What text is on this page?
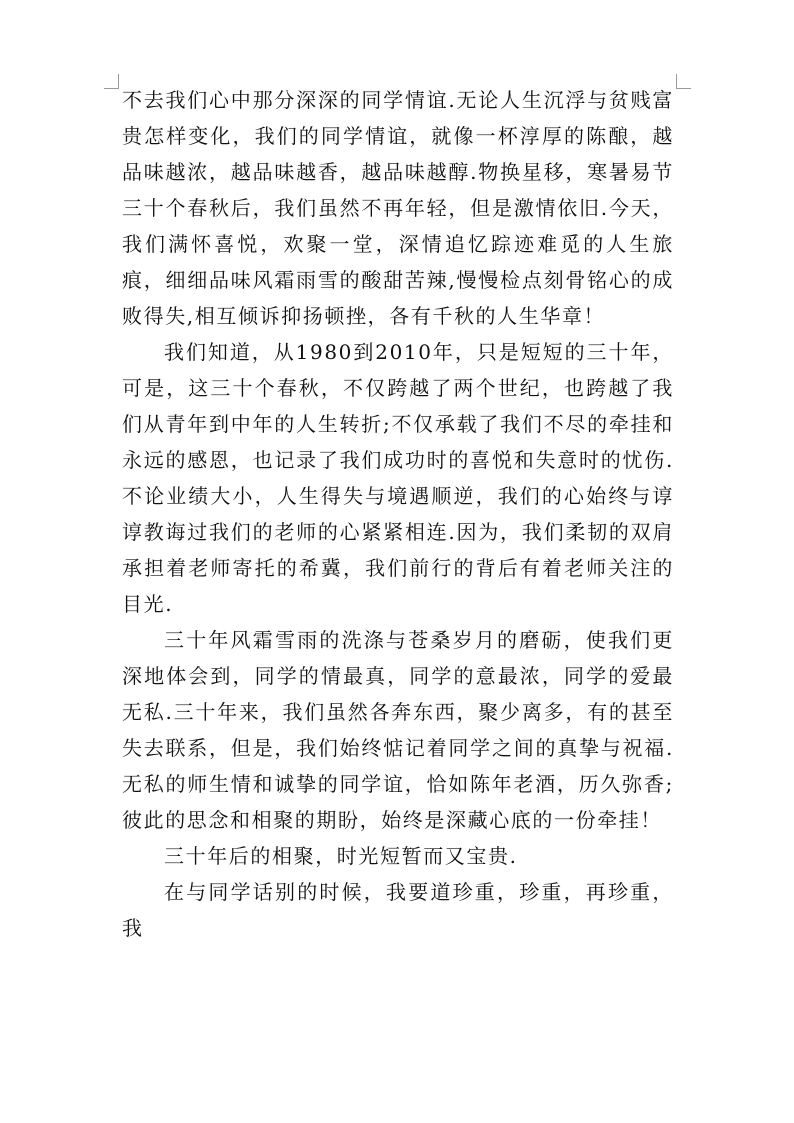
不去我们心中那分深深的同学情谊.无论人生沉浮与贫贱富贵怎样变化，我们的同学情谊，就像一杯淳厚的陈酿，越品味越浓，越品味越香，越品味越醇.物换星移，寒暑易节三十个春秋后，我们虽然不再年轻，但是激情依旧.今天，我们满怀喜悦，欢聚一堂，深情追忆踪迹难觅的人生旅痕，细细品味风霜雨雪的酸甜苦辣,慢慢检点刻骨铭心的成败得失,相互倾诉抑扬顿挫，各有千秋的人生华章！

我们知道，从1980到2010年，只是短短的三十年，可是，这三十个春秋，不仅跨越了两个世纪，也跨越了我们从青年到中年的人生转折;不仅承载了我们不尽的牵挂和永远的感恩，也记录了我们成功时的喜悦和失意时的忧伤.不论业绩大小，人生得失与境遇顺逆，我们的心始终与谆谆教诲过我们的老师的心紧紧相连.因为，我们柔韧的双肩承担着老师寄托的希冀，我们前行的背后有着老师关注的目光.

三十年风霜雪雨的洗涤与苍桑岁月的磨砺，使我们更深地体会到，同学的情最真，同学的意最浓，同学的爱最无私.三十年来，我们虽然各奔东西，聚少离多，有的甚至失去联系，但是，我们始终惦记着同学之间的真挚与祝福.无私的师生情和诚挚的同学谊，恰如陈年老酒，历久弥香;彼此的思念和相聚的期盼，始终是深藏心底的一份牵挂！

三十年后的相聚，时光短暂而又宝贵.

在与同学话别的时候，我要道珍重，珍重，再珍重，我
